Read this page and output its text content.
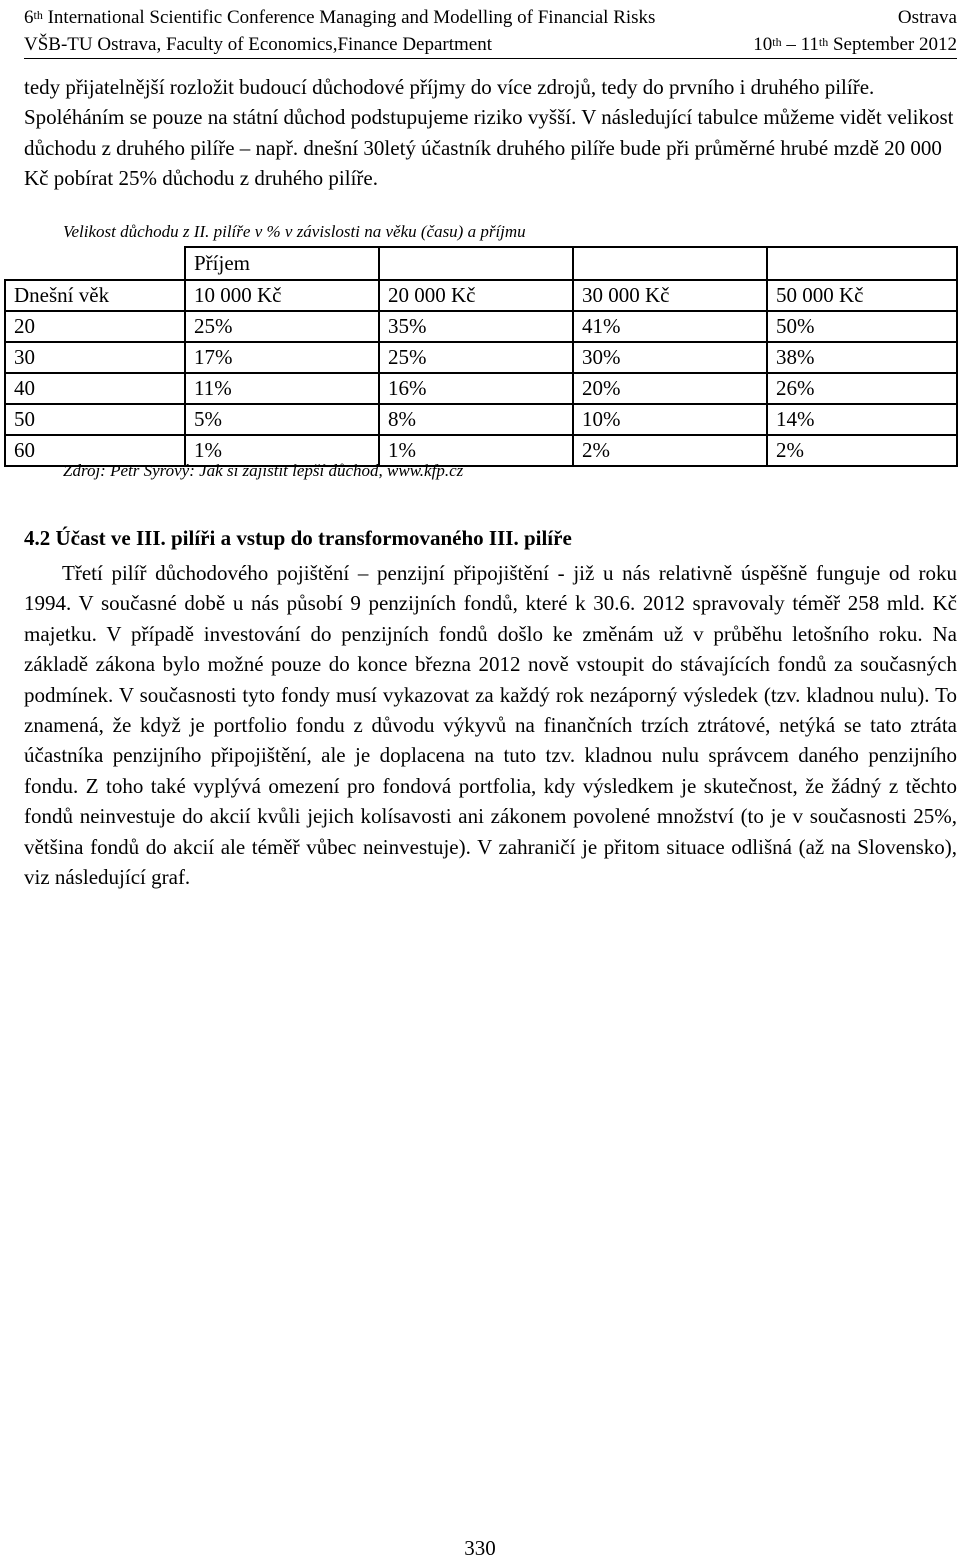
6th International Scientific Conference Managing and Modelling of Financial Risks	Ostrava
VŠB-TU Ostrava, Faculty of Economics,Finance Department	10th – 11th September 2012

tedy přijatelnější rozložit budoucí důchodové příjmy do více zdrojů, tedy do prvního i druhého pilíře. Spoléháním se pouze na státní důchod podstupujeme riziko vyšší. V následující tabulce můžeme vidět velikost důchodu z druhého pilíře – např. dnešní 30letý účastník druhého pilíře bude při průměrné hrubé mzdě 20 000 Kč pobírat 25% důchodu z druhého pilíře.

Velikost důchodu z II. pilíře v % v závislosti na věku (času) a příjmu
	Příjem			
Dnešní věk	10 000 Kč	20 000 Kč	30 000 Kč	50 000 Kč
20	25%	35%	41%	50%
30	17%	25%	30%	38%
40	11%	16%	20%	26%
50	5%	8%	10%	14%
60	1%	1%	2%	2%
Zdroj: Petr Syrový: Jak si zajistit lepší důchod, www.kfp.cz
4.2 Účast ve III. pilíři a vstup do transformovaného III. pilíře

Třetí pilíř důchodového pojištění – penzijní připojištění - již u nás relativně úspěšně funguje od roku 1994. V současné době u nás působí 9 penzijních fondů, které k 30.6. 2012 spravovaly téměř 258 mld. Kč majetku. V případě investování do penzijních fondů došlo ke změnám už v průběhu letošního roku. Na základě zákona bylo možné pouze do konce března 2012 nově vstoupit do stávajících fondů za současných podmínek. V současnosti tyto fondy musí vykazovat za každý rok nezáporný výsledek (tzv. kladnou nulu). To znamená, že když je portfolio fondu z důvodu výkyvů na finančních trzích ztrátové, netýká se tato ztráta účastníka penzijního připojištění, ale je doplacena na tuto tzv. kladnou nulu správcem daného penzijního fondu. Z toho také vyplývá omezení pro fondová portfolia, kdy výsledkem je skutečnost, že žádný z těchto fondů neinvestuje do akcií kvůli jejich kolísavosti ani zákonem povolené množství (to je v současnosti 25%, většina fondů do akcií ale téměř vůbec neinvestuje). V zahraničí je přitom situace odlišná (až na Slovensko), viz následující graf.

330
